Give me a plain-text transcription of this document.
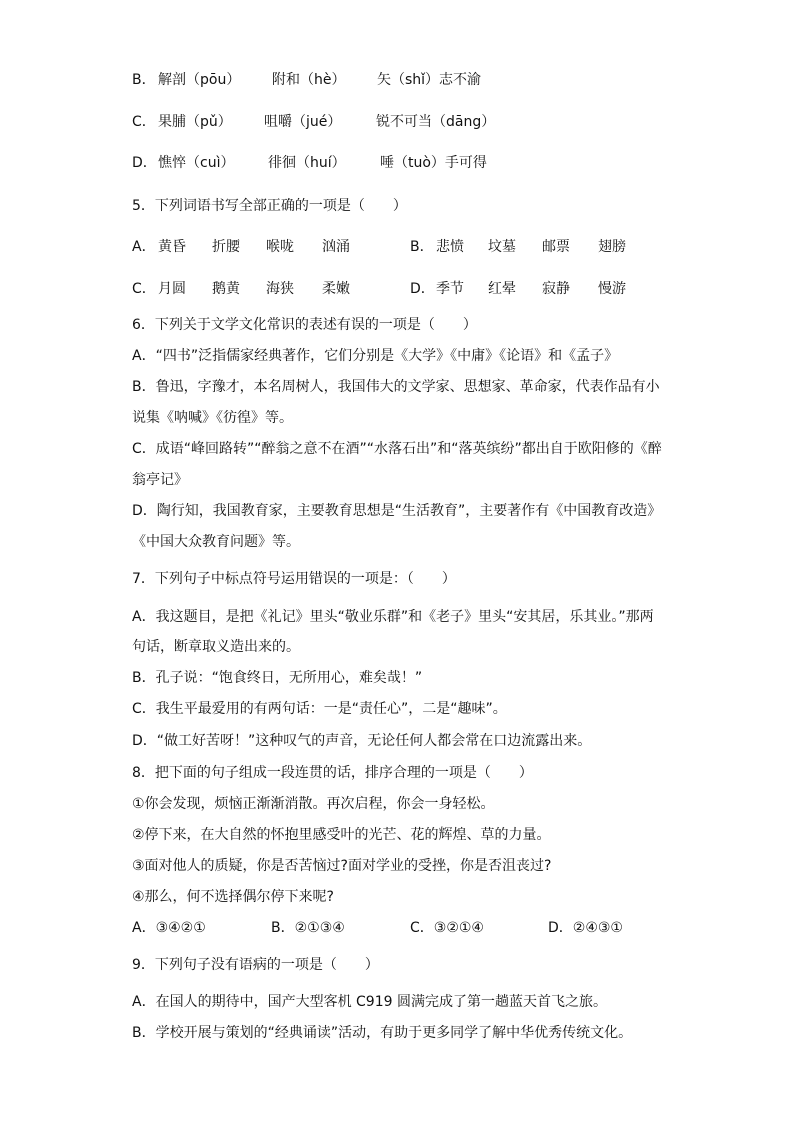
B． 解剖（pōu） 附和（hè） 矢（shǐ）志不渝
C． 果脯（pǔ） 咀嚼（jué） 锐不可当（dāng）
D． 憔悴（cuì） 徘徊（huí） 唾（tuò）手可得
5．下列词语书写全部正确的一项是（　　）
A． 黄昏 折腰 喉咙 汹涌	B． 悲愤 坟墓 邮票 翅膀
C． 月圆 鹅黄 海狭 柔嫩	D． 季节 红晕 寂静 慢游
6．下列关于文学文化常识的表述有误的一项是（　　）
A．“四书”泛指儒家经典著作，它们分别是《大学》《中庸》《论语》和《孟子》
B．鲁迅，字豫才，本名周树人，我国伟大的文学家、思想家、革命家，代表作品有小
说集《呐喊》《彷徨》等。
C．成语“峰回路转”“醉翁之意不在酒”“水落石出”和“落英缤纷”都出自于欧阳修的《醉
翁亭记》
D．陶行知，我国教育家，主要教育思想是“生活教育”，主要著作有《中国教育改造》
《中国大众教育问题》等。
7．下列句子中标点符号运用错误的一项是：（　　）
A．我这题目，是把《礼记》里头“敬业乐群”和《老子》里头“安其居，乐其业。”那两
句话，断章取义造出来的。
B．孔子说：“饱食终日，无所用心，难矣哉！”
C．我生平最爱用的有两句话：一是“责任心”，二是“趣味”。
D．“做工好苦呀！”这种叹气的声音，无论任何人都会常在口边流露出来。
8．把下面的句子组成一段连贯的话，排序合理的一项是（　　）
①你会发现，烦恼正渐渐消散。再次启程，你会一身轻松。
②停下来，在大自然的怀抱里感受叶的光芒、花的辉煌、草的力量。
③面对他人的质疑，你是否苦恼过?面对学业的受挫，你是否沮丧过?
④那么，何不选择偶尔停下来呢?
A．③④②①	B．②①③④	C．③②①④	D．②④③①
9．下列句子没有语病的一项是（　　）
A．在国人的期待中，国产大型客机 C919 圆满完成了第一趟蓝天首飞之旅。
B．学校开展与策划的“经典诵读”活动，有助于更多同学了解中华优秀传统文化。
